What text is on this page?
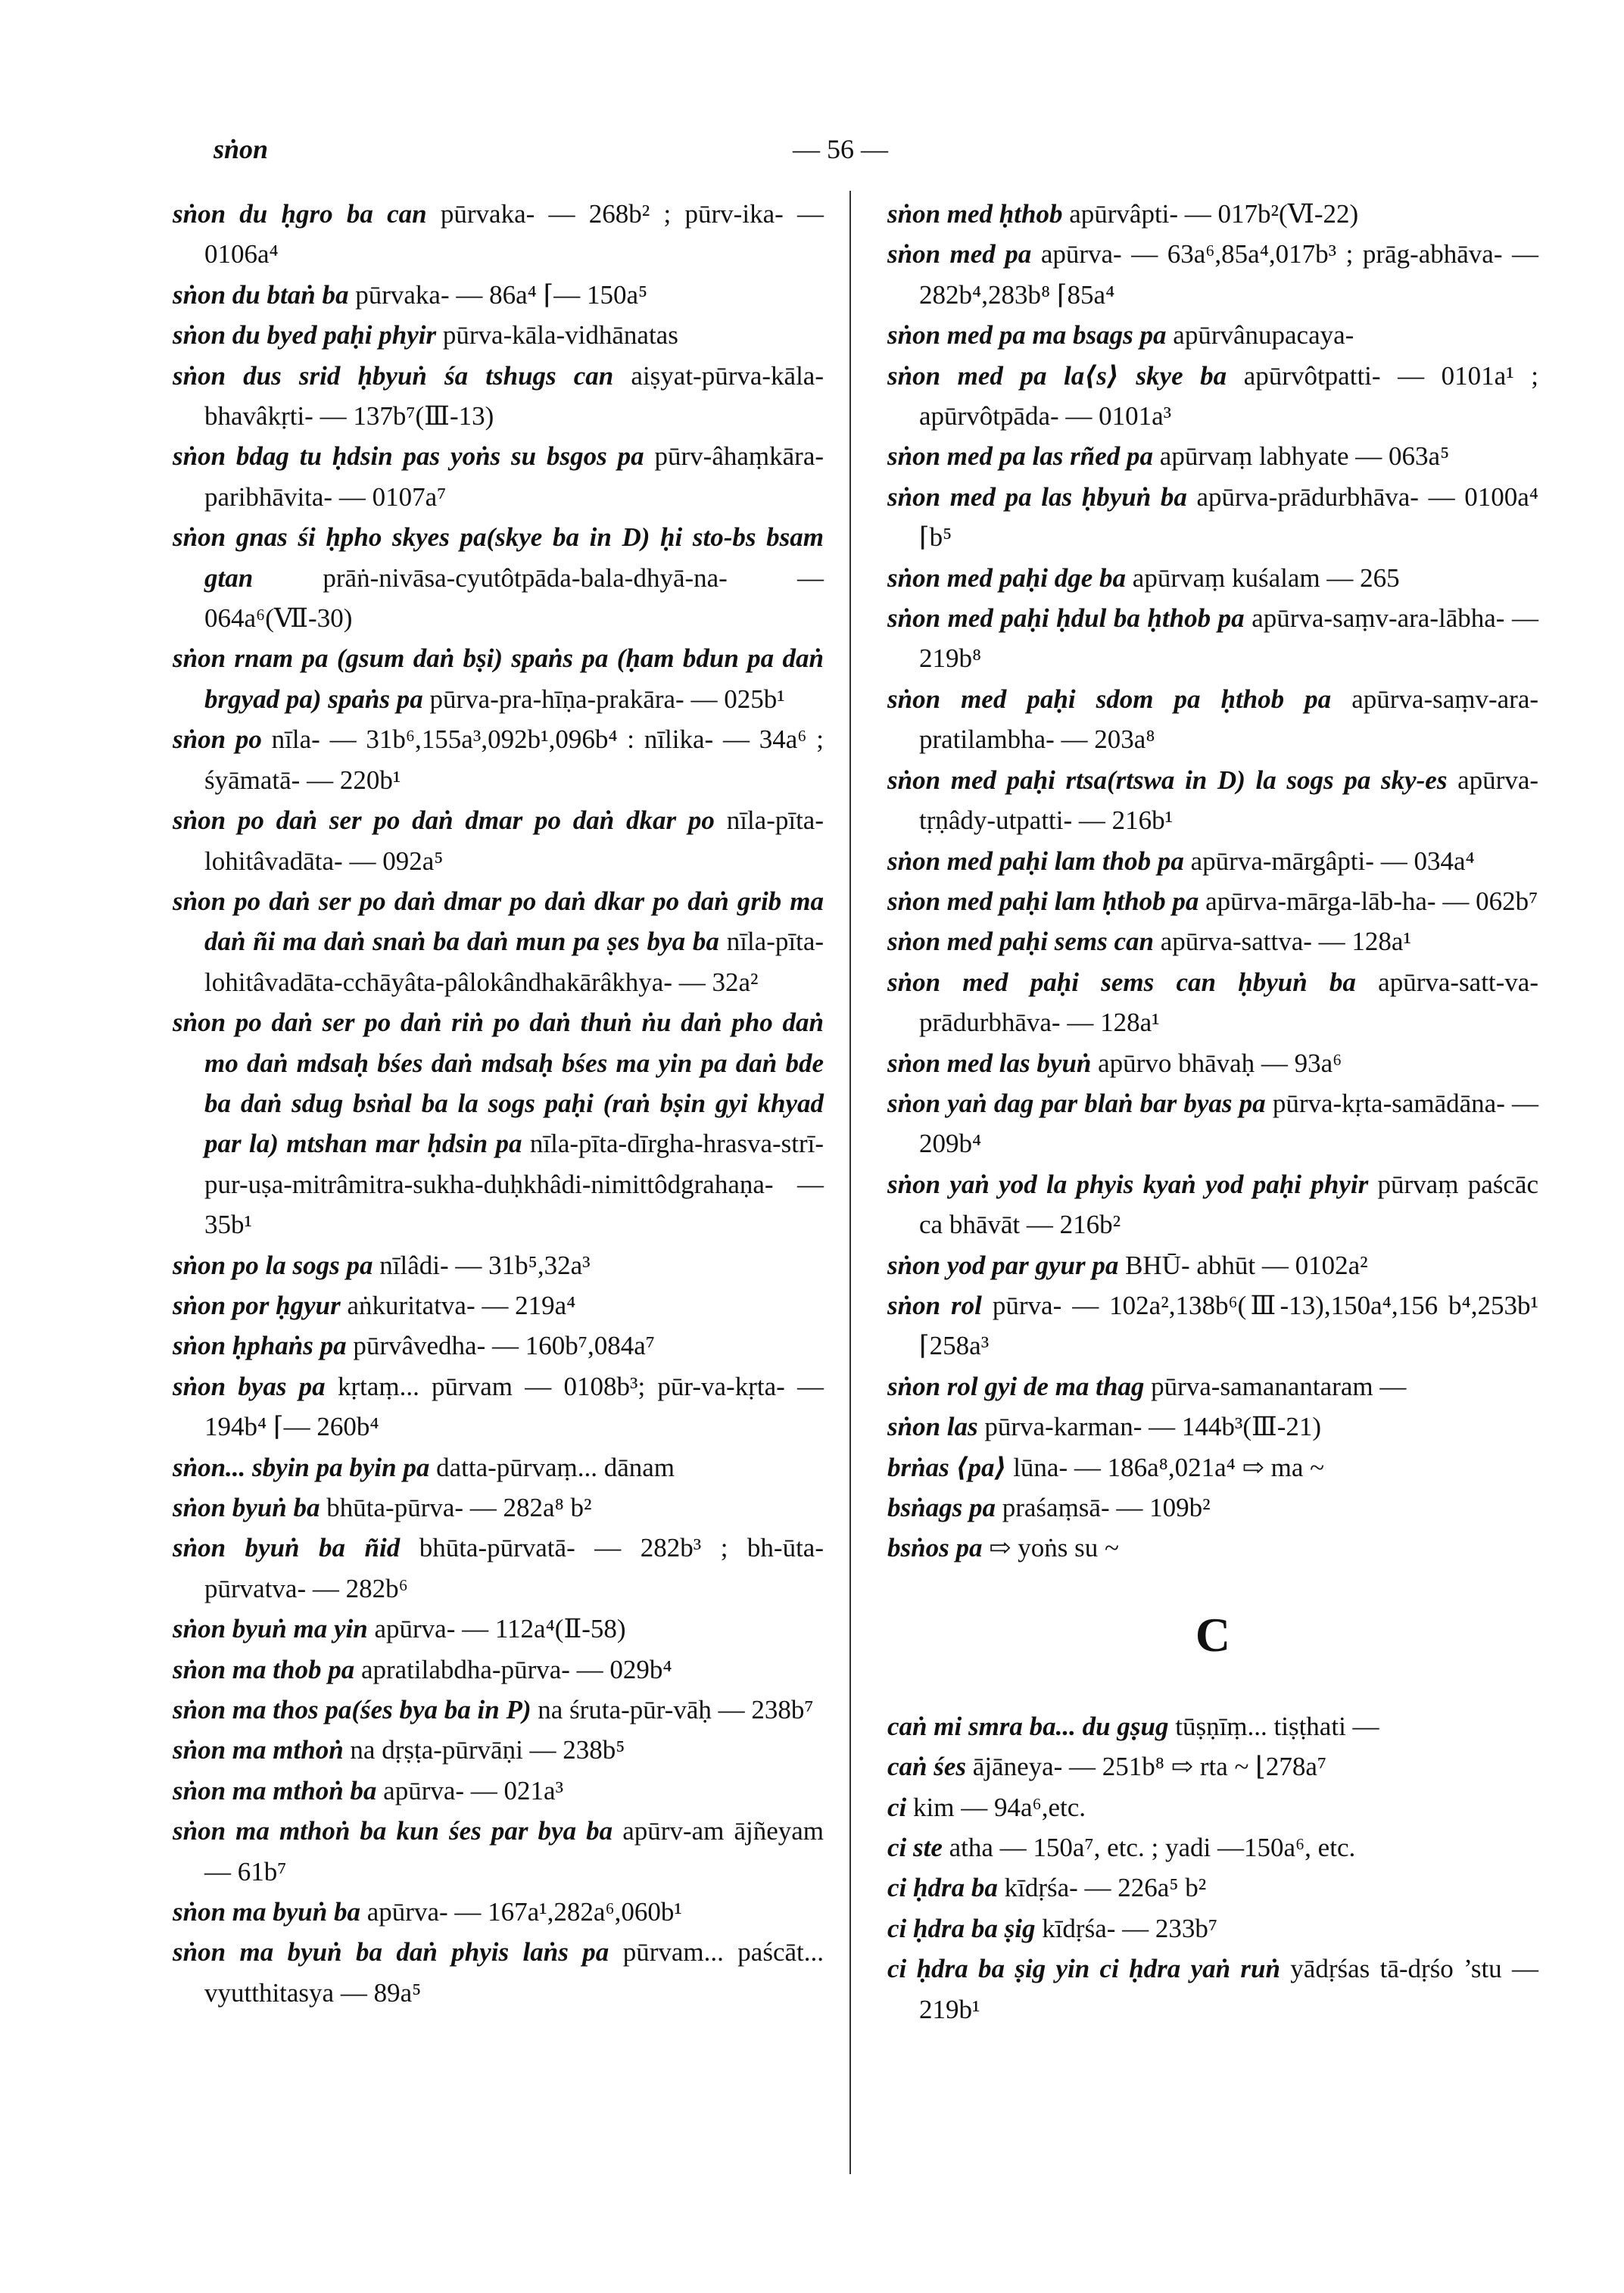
sṅon	— 56 —
sṅon du ḥgro ba can pūrvaka- — 268b² ; pūrv-ika- — 0106a⁴
sṅon du btaṅ ba pūrvaka- — 86a⁴ ⌈— 150a⁵
sṅon du byed paḥi phyir pūrva-kāla-vidhānatas
sṅon dus srid ḥbyuṅ śa tshugs can aiṣyat-pūrva-kāla-bhavâkṛti- — 137b⁷(Ⅲ-13)
sṅon bdag tu ḥdsin pas yoṅs su bsgos pa pūrv-âhaṃkāra-paribhāvita- — 0107a⁷
sṅon gnas śi ḥpho skyes pa(skye ba in D) ḥi sto-bs bsam gtan	prāṅ-nivāsa-cyutôtpāda-bala-dhyā-na- — 064a⁶(Ⅶ-30)
sṅon rnam pa (gsum daṅ bṣi) spaṅs pa (ḥam bdun pa daṅ brgyad pa) spaṅs pa pūrva-pra-hīṇa-prakāra- — 025b¹
sṅon po nīla- — 31b⁶,155a³,092b¹,096b⁴ : nīlika- — 34a⁶ ; śyāmatā- — 220b¹
sṅon po daṅ ser po daṅ dmar po daṅ dkar po nīla-pīta-lohitâvadāta- — 092a⁵
sṅon po daṅ ser po daṅ dmar po daṅ dkar po daṅ grib ma daṅ ñi ma daṅ snaṅ ba daṅ mun pa ṣes bya ba nīla-pīta-lohitâvadāta-cchāyâta-pâlokândhakārâkhya- — 32a²
sṅon po daṅ ser po daṅ riṅ po daṅ thuṅ ṅu daṅ pho daṅ mo daṅ mdsaḥ bśes daṅ mdsaḥ bśes ma yin pa daṅ bde ba daṅ sdug bsṅal ba la sogs paḥi (raṅ bṣin gyi khyad par la) mtshan mar ḥdsin pa nīla-pīta-dīrgha-hrasva-strī-pur-uṣa-mitrâmitra-sukha-duḥkhâdi-nimittôdgrahaṇa- — 35b¹
sṅon po la sogs pa nīlâdi- — 31b⁵,32a³
sṅon por ḥgyur aṅkuritatva- — 219a⁴
sṅon ḥphaṅs pa pūrvâvedha- — 160b⁷,084a⁷
sṅon byas pa kṛtaṃ... pūrvam — 0108b³; pūr-va-kṛta- — 194b⁴ ⌈— 260b⁴
sṅon... sbyin pa byin pa datta-pūrvaṃ... dānam
sṅon byuṅ ba bhūta-pūrva- — 282a⁸ b²
sṅon byuṅ ba ñid bhūta-pūrvatā- — 282b³ ; bh-ūta-pūrvatva- — 282b⁶
sṅon byuṅ ma yin apūrva- — 112a⁴(Ⅱ-58)
sṅon ma thob pa apratilabdha-pūrva- — 029b⁴
sṅon ma thos pa(śes bya ba in P) na śruta-pūr-vāḥ — 238b⁷
sṅon ma mthoṅ na dṛṣṭa-pūrvāṇi — 238b⁵
sṅon ma mthoṅ ba apūrva- — 021a³
sṅon ma mthoṅ ba kun śes par bya ba apūrv-am ājñeyam — 61b⁷
sṅon ma byuṅ ba apūrva- — 167a¹,282a⁶,060b¹
sṅon ma byuṅ ba daṅ phyis laṅs pa pūrvam... paścāt... vyutthitasya — 89a⁵
sṅon med ḥthob apūrvâpti- — 017b²(Ⅵ-22)
sṅon med pa apūrva- — 63a⁶,85a⁴,017b³ ; prāg-abhāva- — 282b⁴,283b⁸ ⌈85a⁴
sṅon med pa ma bsags pa apūrvânupacaya-
sṅon med pa la⟨s⟩ skye ba apūrvôtpatti- — 0101a¹ ; apūrvôtpāda- — 0101a³
sṅon med pa las rñed pa apūrvaṃ labhyate — 063a⁵
sṅon med pa las ḥbyuṅ ba apūrva-prādurbhāva- — 0100a⁴ ⌈b⁵
sṅon med paḥi dge ba apūrvaṃ kuśalam — 265
sṅon med paḥi ḥdul ba ḥthob pa apūrva-saṃv-ara-lābha- — 219b⁸
sṅon med paḥi sdom pa ḥthob pa apūrva-saṃv-ara-pratilambha- — 203a⁸
sṅon med paḥi rtsa(rtswa in D) la sogs pa sky-es apūrva-tṛṇâdy-utpatti- — 216b¹
sṅon med paḥi lam thob pa apūrva-mārgâpti- — 034a⁴
sṅon med paḥi lam ḥthob pa apūrva-mārga-lāb-ha- — 062b⁷
sṅon med paḥi sems can apūrva-sattva- — 128a¹
sṅon med paḥi sems can ḥbyuṅ ba apūrva-satt-va-prādurbhāva- — 128a¹
sṅon med las byuṅ apūrvo bhāvaḥ — 93a⁶
sṅon yaṅ dag par blaṅ bar byas pa pūrva-kṛta-samādāna- — 209b⁴
sṅon yaṅ yod la phyis kyaṅ yod paḥi phyir pūrvaṃ paścāc ca bhāvāt — 216b²
sṅon yod par gyur pa BHŪ- abhūt — 0102a²
sṅon rol pūrva- — 102a²,138b⁶(Ⅲ-13),150a⁴,156 b⁴,253b¹ ⌈258a³
sṅon rol gyi de ma thag pūrva-samanantaram —
sṅon las pūrva-karman- — 144b³(Ⅲ-21)
brṅas ⟨pa⟩ lūna- — 186a⁸,021a⁴ ⇨ ma ~
bsṅags pa praśaṃsā- — 109b²
bsṅos pa ⇨ yoṅs su ~
C
caṅ mi smra ba... du gṣug tūṣṇīṃ... tiṣṭhati —
caṅ śes ājāneya- — 251b⁸ ⇨ rta ~ ⌊278a⁷
ci kim — 94a⁶,etc.
ci ste atha — 150a⁷, etc. ; yadi —150a⁶, etc.
ci ḥdra ba kīdṛśa- — 226a⁵ b²
ci ḥdra ba ṣig kīdṛśa- — 233b⁷
ci ḥdra ba ṣig yin ci ḥdra yaṅ ruṅ yādṛśas tā-dṛśo ’stu — 219b¹
